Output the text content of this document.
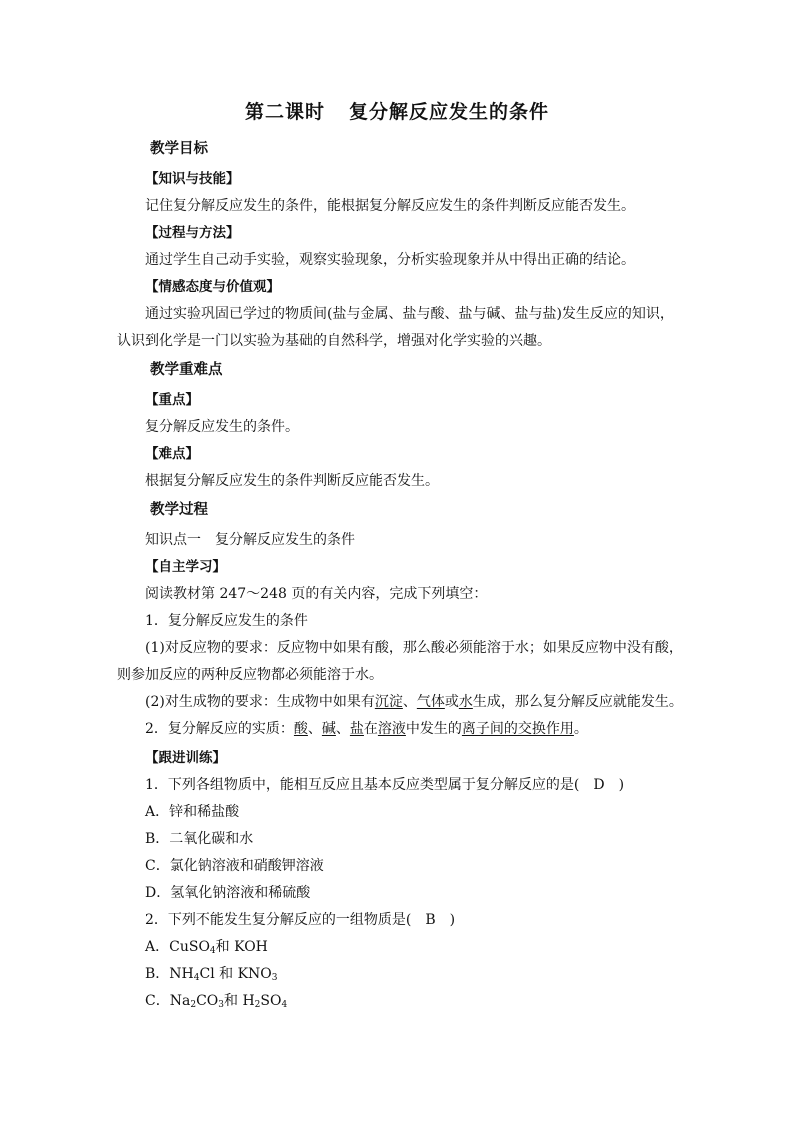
第二课时 复分解反应发生的条件
教学目标
【知识与技能】
记住复分解反应发生的条件，能根据复分解反应发生的条件判断反应能否发生。
【过程与方法】
通过学生自己动手实验，观察实验现象，分析实验现象并从中得出正确的结论。
【情感态度与价值观】
通过实验巩固已学过的物质间(盐与金属、盐与酸、盐与碱、盐与盐)发生反应的知识，
认识到化学是一门以实验为基础的自然科学，增强对化学实验的兴趣。
教学重难点
【重点】
复分解反应发生的条件。
【难点】
根据复分解反应发生的条件判断反应能否发生。
教学过程
知识点一　复分解反应发生的条件
【自主学习】
阅读教材第 247～248 页的有关内容，完成下列填空：
1．复分解反应发生的条件
(1)对反应物的要求：反应物中如果有酸，那么酸必须能溶于水；如果反应物中没有酸，
则参加反应的两种反应物都必须能溶于水。
(2)对生成物的要求：生成物中如果有沉淀、气体或水生成，那么复分解反应就能发生。
2．复分解反应的实质：酸、碱、盐在溶液中发生的离子间的交换作用。
【跟进训练】
1．下列各组物质中，能相互反应且基本反应类型属于复分解反应的是( D )
A．锌和稀盐酸
B．二氧化碳和水
C．氯化钠溶液和硝酸钾溶液
D．氢氧化钠溶液和稀硫酸
2．下列不能发生复分解反应的一组物质是( B )
A．CuSO$_4$和 KOH
B．$NH_4Cl$ 和 $KNO_3$
C．$Na_2CO_3$和 $H_2SO_4$
